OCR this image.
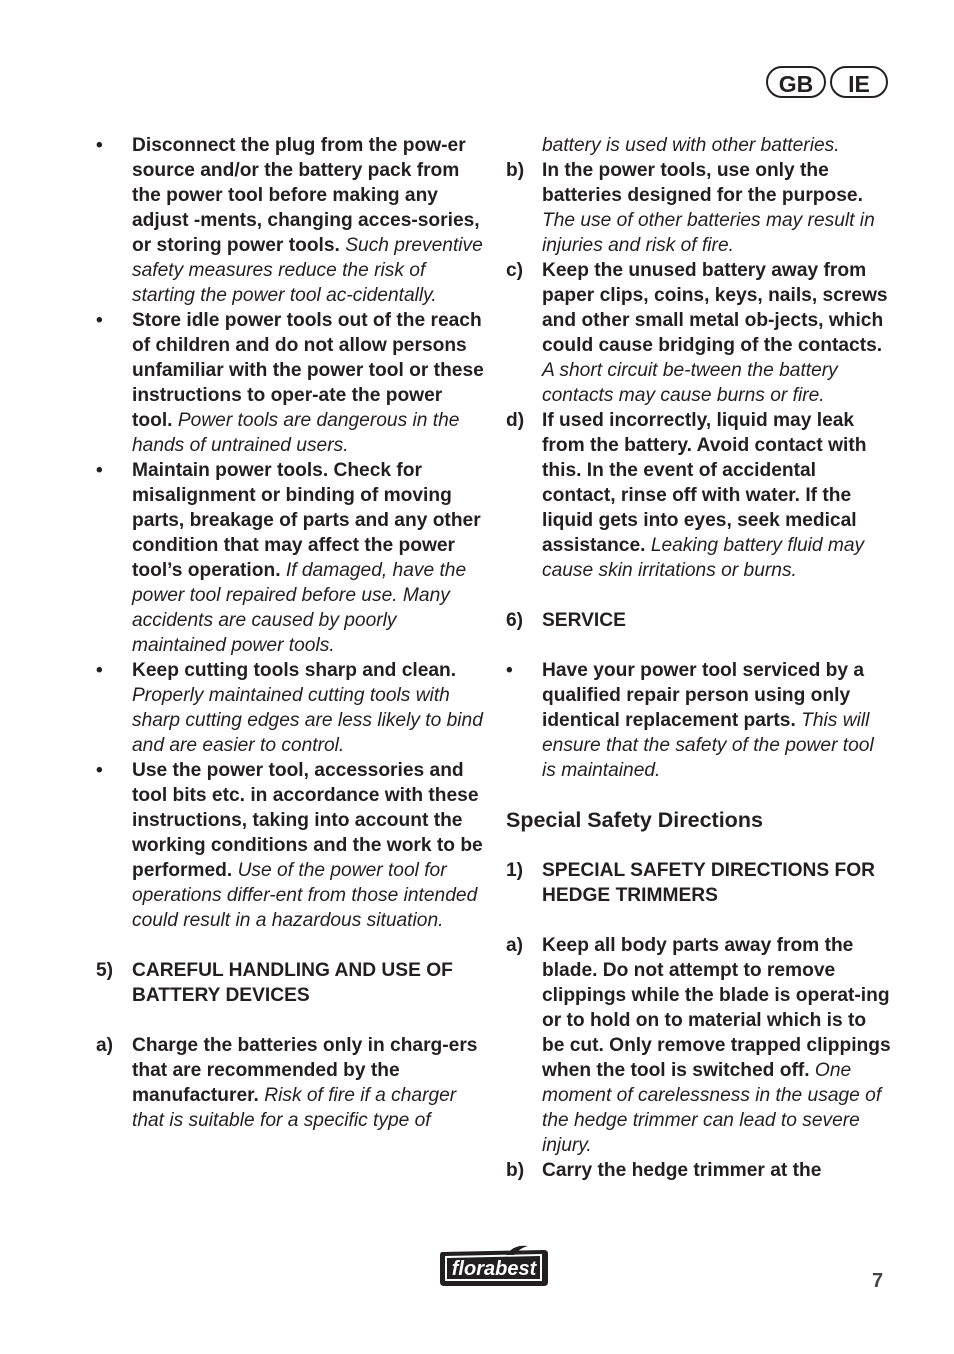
GB	IE
• Disconnect the plug from the pow-er source and/or the battery pack from the power tool before making any adjust -ments, changing acces-sories, or storing power tools. Such preventive safety measures reduce the risk of starting the power tool ac-cidentally.
• Store idle power tools out of the reach of children and do not allow persons unfamiliar with the power tool or these instructions to oper-ate the power tool. Power tools are dangerous in the hands of untrained users.
• Maintain power tools. Check for misalignment or binding of moving parts, breakage of parts and any other condition that may affect the power tool’s operation. If damaged, have the power tool repaired before use. Many accidents are caused by poorly maintained power tools.
• Keep cutting tools sharp and clean. Properly maintained cutting tools with sharp cutting edges are less likely to bind and are easier to control.
• Use the power tool, accessories and tool bits etc. in accordance with these instructions, taking into account the working conditions and the work to be performed. Use of the power tool for operations differ-ent from those intended could result in a hazardous situation.
5) CAREFUL HANDLING AND USE OF BATTERY DEVICES
a) Charge the batteries only in charg-ers that are recommended by the manufacturer. Risk of fire if a charger that is suitable for a specific type of
battery is used with other batteries.
b) In the power tools, use only the batteries designed for the purpose. The use of other batteries may result in injuries and risk of fire.
c) Keep the unused battery away from paper clips, coins, keys, nails, screws and other small metal ob-jects, which could cause bridging of the contacts. A short circuit be-tween the battery contacts may cause burns or fire.
d) If used incorrectly, liquid may leak from the battery. Avoid contact with this. In the event of accidental contact, rinse off with water. If the liquid gets into eyes, seek medical assistance. Leaking battery fluid may cause skin irritations or burns.
6) SERVICE
• Have your power tool serviced by a qualified repair person using only identical replacement parts. This will ensure that the safety of the power tool is maintained.
Special Safety Directions
1) SPECIAL SAFETY DIRECTIONS FOR HEDGE TRIMMERS
a) Keep all body parts away from the blade. Do not attempt to remove clippings while the blade is operat-ing or to hold on to material which is to be cut. Only remove trapped clippings when the tool is switched off. One moment of carelessness in the usage of the hedge trimmer can lead to severe injury.
b) Carry the hedge trimmer at the
florabest
7
